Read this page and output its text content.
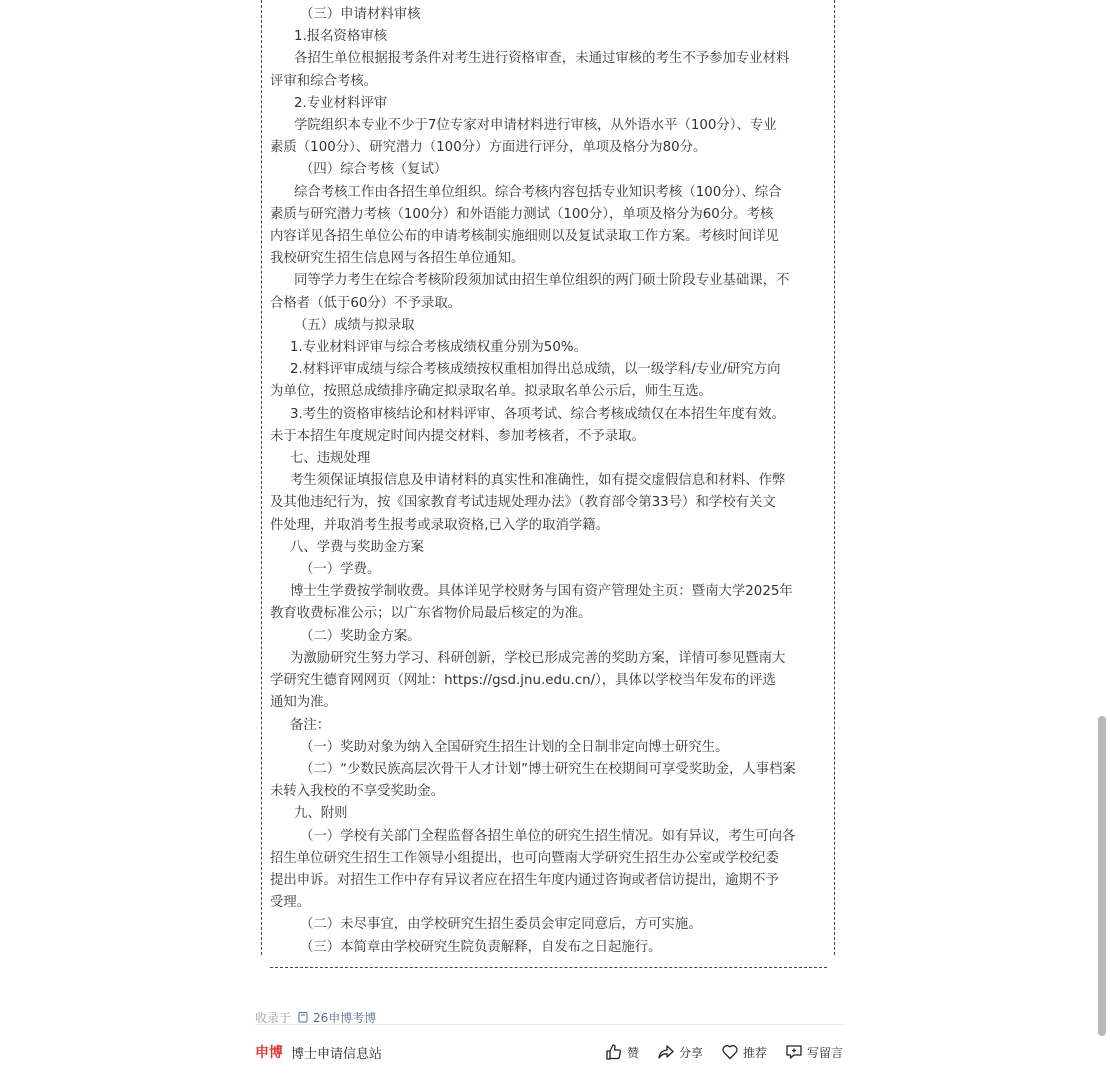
（三）申请材料审核
1.报名资格审核
各招生单位根据报考条件对考生进行资格审查，未通过审核的考生不予参加专业材料
评审和综合考核。
2.专业材料评审
学院组织本专业不少于7位专家对申请材料进行审核，从外语水平（100分）、专业
素质（100分）、研究潜力（100分）方面进行评分，单项及格分为80分。
（四）综合考核（复试）
综合考核工作由各招生单位组织。综合考核内容包括专业知识考核（100分）、综合
素质与研究潜力考核（100分）和外语能力测试（100分），单项及格分为60分。考核
内容详见各招生单位公布的申请考核制实施细则以及复试录取工作方案。考核时间详见
我校研究生招生信息网与各招生单位通知。
同等学力考生在综合考核阶段须加试由招生单位组织的两门硕士阶段专业基础课，不
合格者（低于60分）不予录取。
（五）成绩与拟录取
1.专业材料评审与综合考核成绩权重分别为50%。
2.材料评审成绩与综合考核成绩按权重相加得出总成绩，以一级学科/专业/研究方向
为单位，按照总成绩排序确定拟录取名单。拟录取名单公示后，师生互选。
3.考生的资格审核结论和材料评审、各项考试、综合考核成绩仅在本招生年度有效。
未于本招生年度规定时间内提交材料、参加考核者，不予录取。
七、违规处理
考生须保证填报信息及申请材料的真实性和准确性，如有提交虚假信息和材料、作弊
及其他违纪行为，按《国家教育考试违规处理办法》（教育部令第33号）和学校有关文
件处理，并取消考生报考或录取资格,已入学的取消学籍。
八、学费与奖助金方案
（一）学费。
博士生学费按学制收费。具体详见学校财务与国有资产管理处主页：暨南大学2025年
教育收费标准公示；以广东省物价局最后核定的为准。
（二）奖助金方案。
为激励研究生努力学习、科研创新，学校已形成完善的奖助方案，详情可参见暨南大
学研究生德育网网页（网址：https://gsd.jnu.edu.cn/），具体以学校当年发布的评选
通知为准。
备注：
（一）奖助对象为纳入全国研究生招生计划的全日制非定向博士研究生。
（二）“少数民族高层次骨干人才计划”博士研究生在校期间可享受奖助金，人事档案
未转入我校的不享受奖助金。
九、附则
（一）学校有关部门全程监督各招生单位的研究生招生情况。如有异议，考生可向各
招生单位研究生招生工作领导小组提出，也可向暨南大学研究生招生办公室或学校纪委
提出申诉。对招生工作中存有异议者应在招生年度内通过咨询或者信访提出，逾期不予
受理。
（二）未尽事宜，由学校研究生招生委员会审定同意后，方可实施。
（三）本简章由学校研究生院负责解释，自发布之日起施行。
收录于 26申博考博
申博 博士申请信息站	赞	分享	推荐	写留言
